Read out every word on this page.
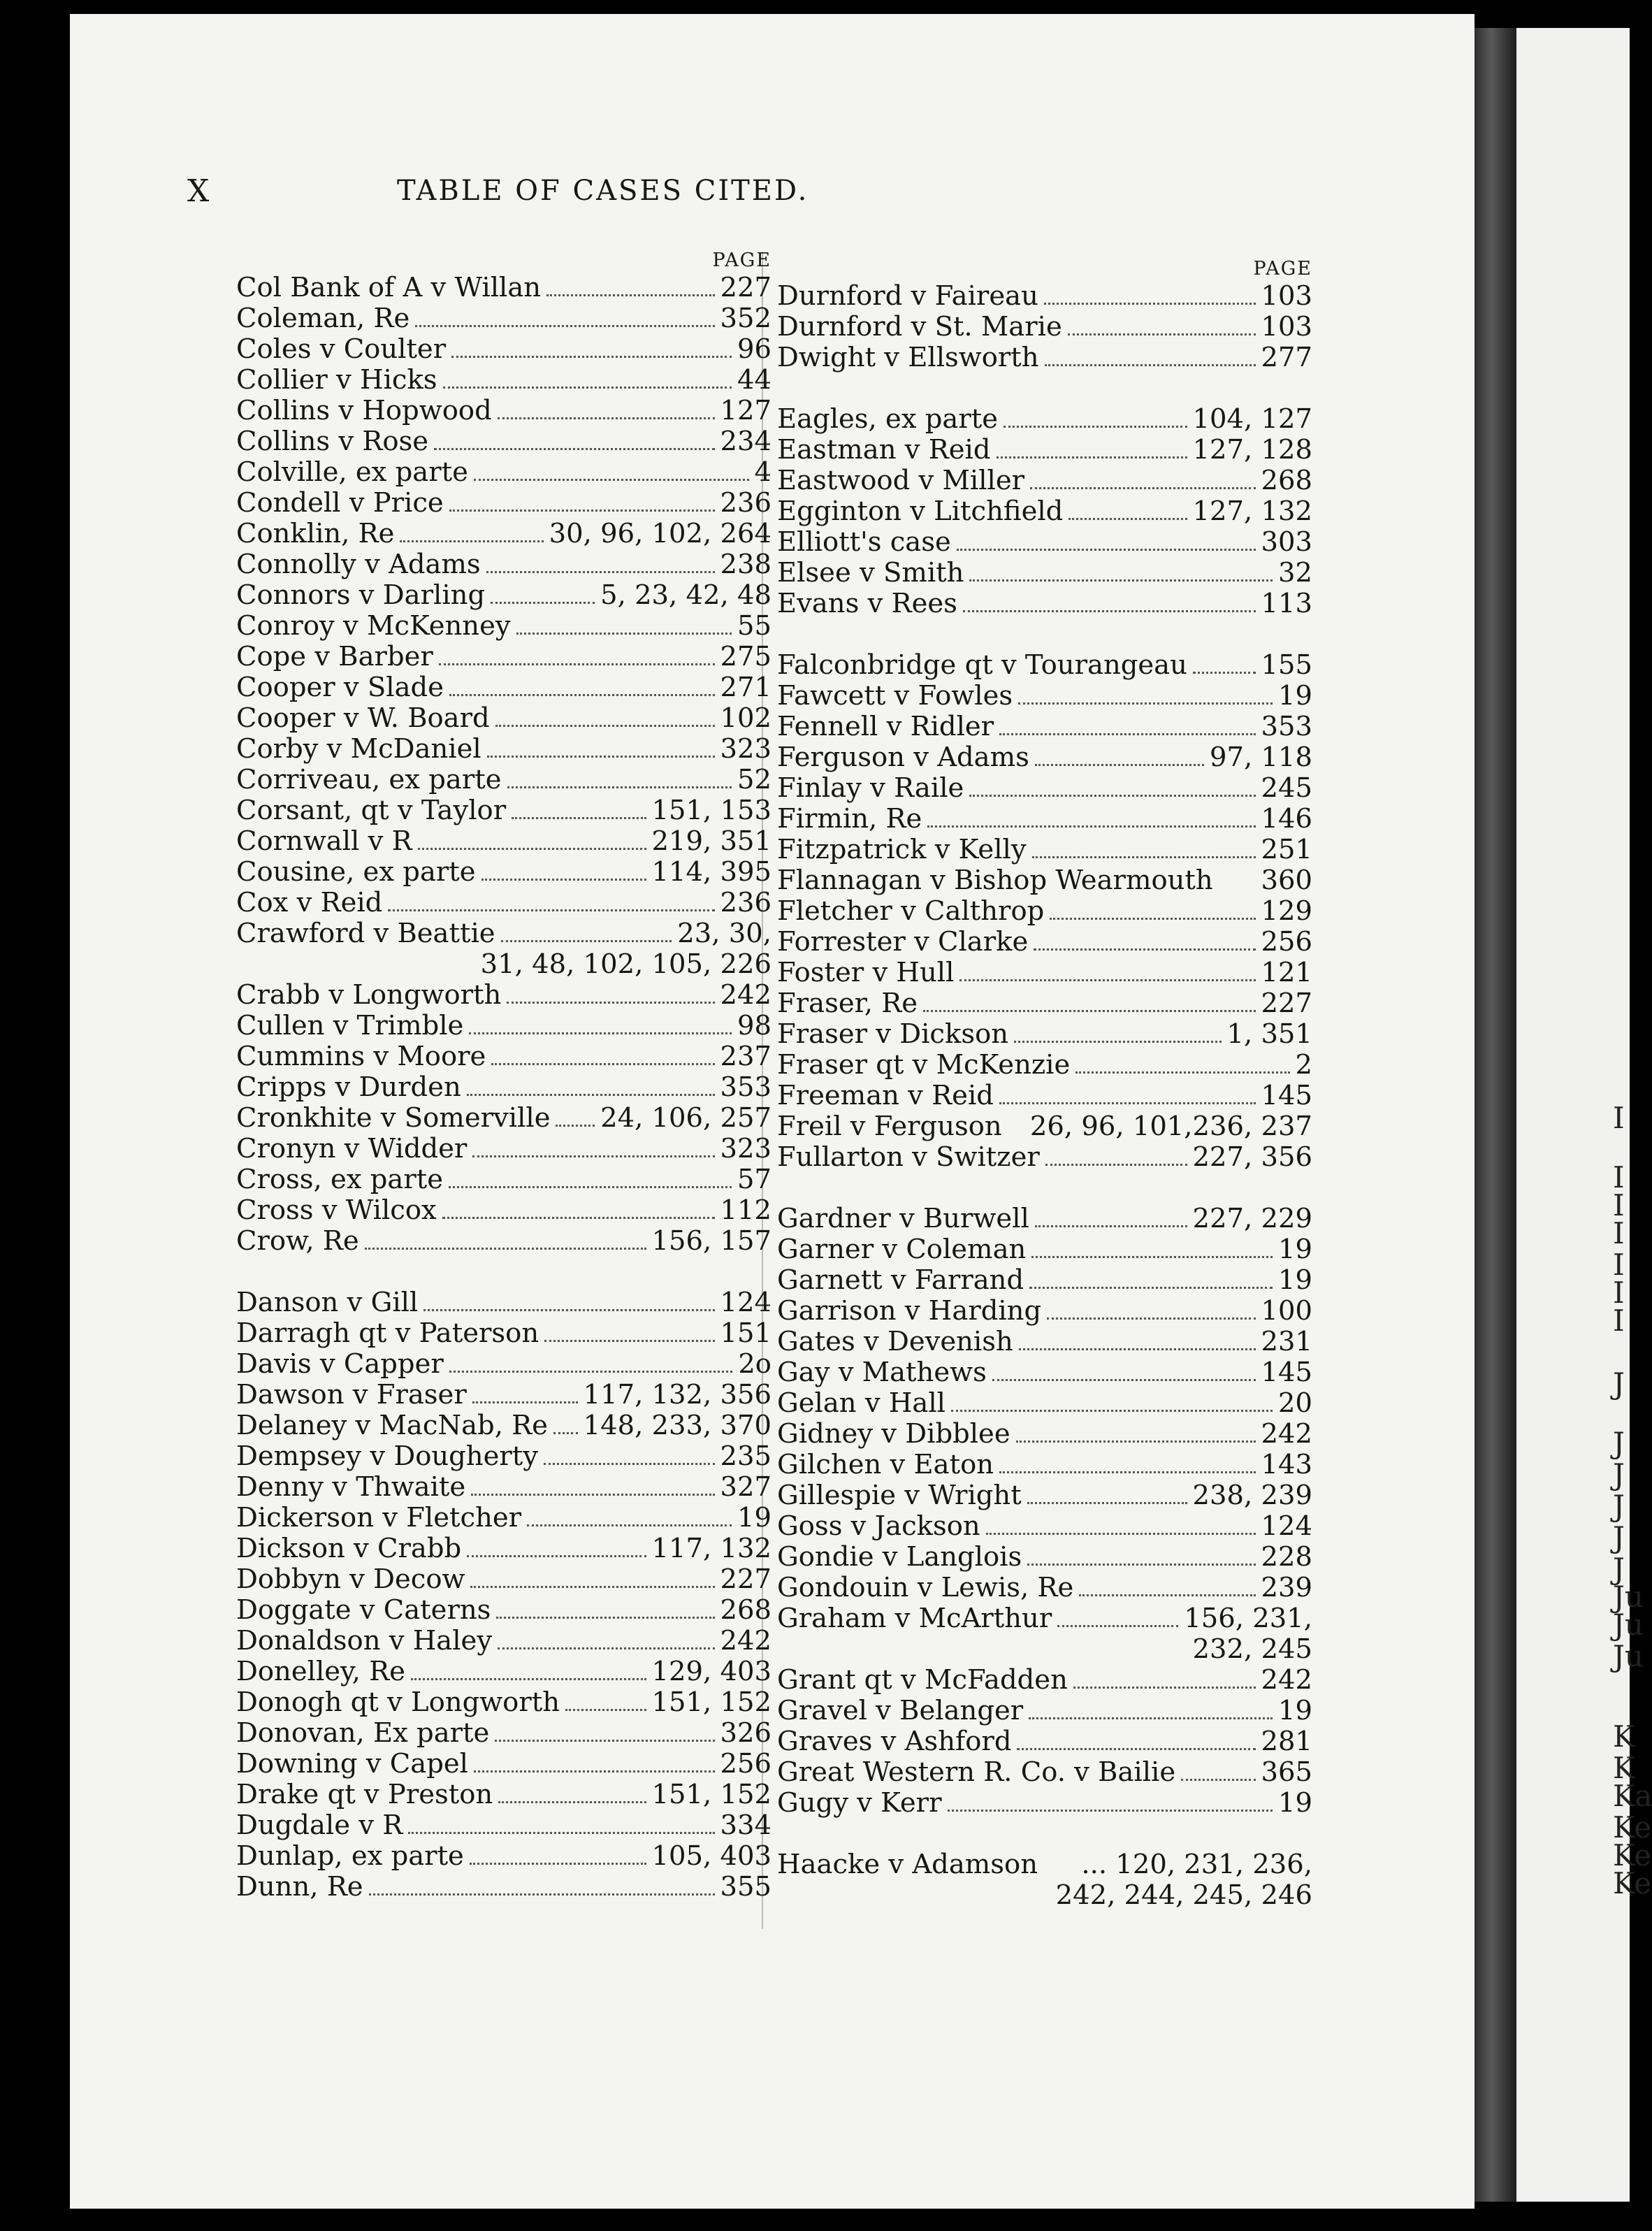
I
I
I
I
I
I
I
J
J
J
J
J
J
Ju
Ju
Ju
K
K
Ka
Ke
Ke
Ke
X	TABLE OF CASES CITED.
PAGE
Col Bank of A v Willan	227
Coleman, Re	352
Coles v Coulter	96
Collier v Hicks	44
Collins v Hopwood	127
Collins v Rose	234
Colville, ex parte	4
Condell v Price	236
Conklin, Re	30, 96, 102, 264
Connolly v Adams	238
Connors v Darling	5, 23, 42, 48
Conroy v McKenney	55
Cope v Barber	275
Cooper v Slade	271
Cooper v W. Board	102
Corby v McDaniel	323
Corriveau, ex parte	52
Corsant, qt v Taylor	151, 153
Cornwall v R	219, 351
Cousine, ex parte	114, 395
Cox v Reid	236
Crawford v Beattie	23, 30,
31, 48, 102, 105, 226
Crabb v Longworth	242
Cullen v Trimble	98
Cummins v Moore	237
Cripps v Durden	353
Cronkhite v Somerville 24, 106, 257
Cronyn v Widder	323
Cross, ex parte	57
Cross v Wilcox	112
Crow, Re	156, 157
Danson v Gill	124
Darragh qt v Paterson	151
Davis v Capper	2o
Dawson v Fraser	117, 132, 356
Delaney v MacNab, Re 148, 233, 370
Dempsey v Dougherty	235
Denny v Thwaite	327
Dickerson v Fletcher	19
Dickson v Crabb	117, 132
Dobbyn v Decow	227
Doggate v Caterns	268
Donaldson v Haley	242
Donelley, Re	129, 403
Donogh qt v Longworth	151, 152
Donovan, Ex parte	326
Downing v Capel	256
Drake qt v Preston	151, 152
Dugdale v R	334
Dunlap, ex parte	105, 403
Dunn, Re	355
PAGE
Durnford v Faireau	103
Durnford v St. Marie	103
Dwight v Ellsworth	277
Eagles, ex parte	104, 127
Eastman v Reid	127, 128
Eastwood v Miller	268
Egginton v Litchfield	127, 132
Elliott's case	303
Elsee v Smith	32
Evans v Rees	113
Falconbridge qt v Tourangeau	155
Fawcett v Fowles	19
Fennell v Ridler	353
Ferguson v Adams	97, 118
Finlay v Raile	245
Firmin, Re	146
Fitzpatrick v Kelly	251
Flannagan v Bishop Wearmouth 360
Fletcher v Calthrop	129
Forrester v Clarke	256
Foster v Hull	121
Fraser, Re	227
Fraser v Dickson	1, 351
Fraser qt v McKenzie	2
Freeman v Reid	145
Freil v Ferguson 26, 96, 101,236, 237
Fullarton v Switzer	227, 356
Gardner v Burwell	227, 229
Garner v Coleman	19
Garnett v Farrand	19
Garrison v Harding	100
Gates v Devenish	231
Gay v Mathews	145
Gelan v Hall	20
Gidney v Dibblee	242
Gilchen v Eaton	143
Gillespie v Wright	238, 239
Goss v Jackson	124
Gondie v Langlois	228
Gondouin v Lewis, Re	239
Graham v McArthur	156, 231,
232, 245
Grant qt v McFadden	242
Gravel v Belanger	19
Graves v Ashford	281
Great Western R. Co. v Bailie	365
Gugy v Kerr	19
Haacke v Adamson ... 120, 231, 236,
242, 244, 245, 246
